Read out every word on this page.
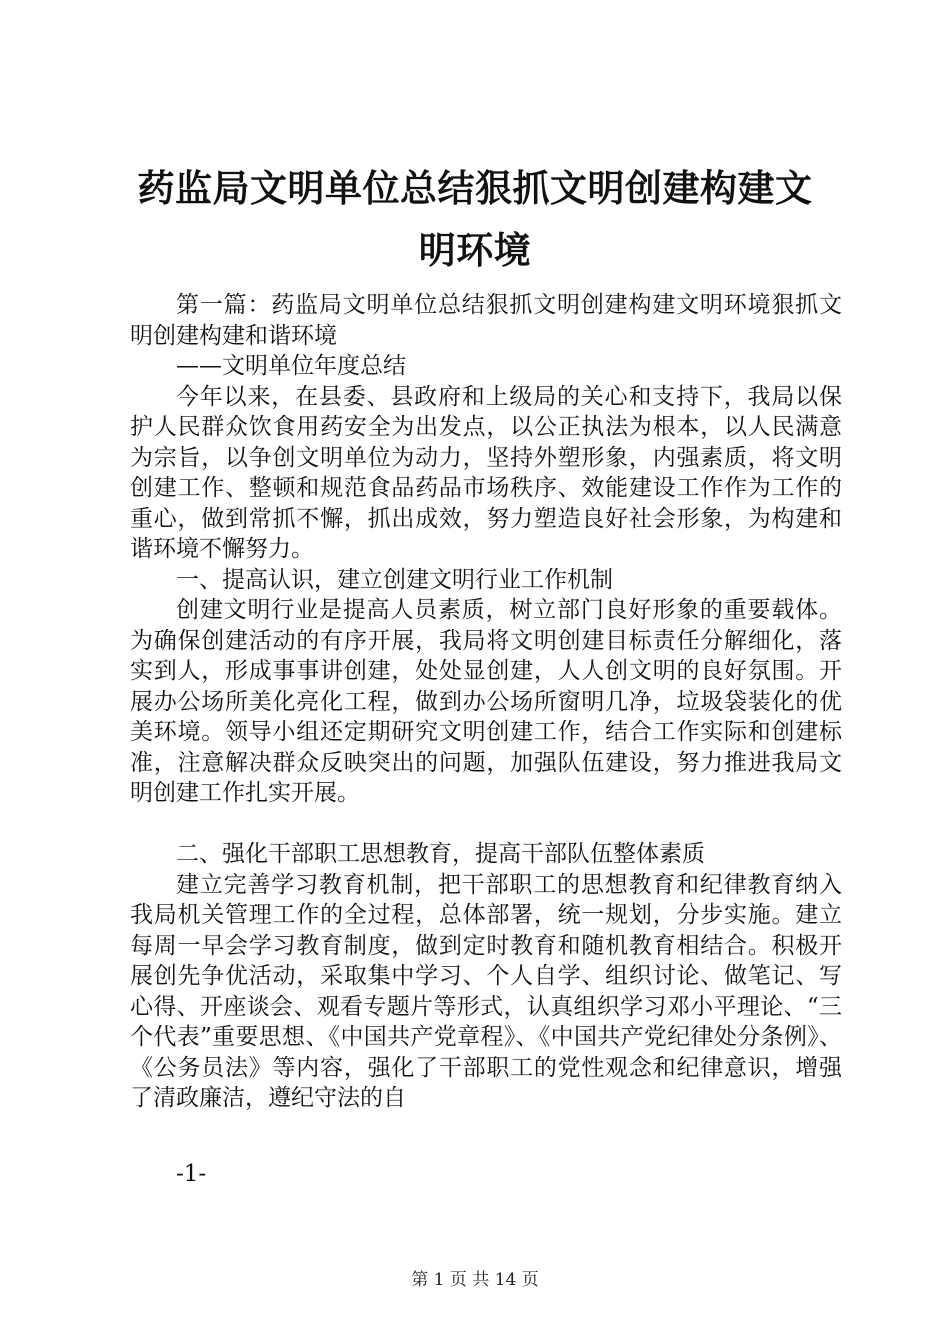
药监局文明单位总结狠抓文明创建构建文明环境

第一篇：药监局文明单位总结狠抓文明创建构建文明环境狠抓文明创建构建和谐环境

——文明单位年度总结

今年以来，在县委、县政府和上级局的关心和支持下，我局以保护人民群众饮食用药安全为出发点，以公正执法为根本，以人民满意为宗旨，以争创文明单位为动力，坚持外塑形象，内强素质，将文明创建工作、整顿和规范食品药品市场秩序、效能建设工作作为工作的重心，做到常抓不懈，抓出成效，努力塑造良好社会形象，为构建和谐环境不懈努力。

一、提高认识，建立创建文明行业工作机制

创建文明行业是提高人员素质，树立部门良好形象的重要载体。为确保创建活动的有序开展，我局将文明创建目标责任分解细化，落实到人，形成事事讲创建，处处显创建，人人创文明的良好氛围。开展办公场所美化亮化工程，做到办公场所窗明几净，垃圾袋装化的优美环境。领导小组还定期研究文明创建工作，结合工作实际和创建标准，注意解决群众反映突出的问题，加强队伍建设，努力推进我局文明创建工作扎实开展。

二、强化干部职工思想教育，提高干部队伍整体素质

建立完善学习教育机制，把干部职工的思想教育和纪律教育纳入我局机关管理工作的全过程，总体部署，统一规划，分步实施。建立每周一早会学习教育制度，做到定时教育和随机教育相结合。积极开展创先争优活动，采取集中学习、个人自学、组织讨论、做笔记、写心得、开座谈会、观看专题片等形式，认真组织学习邓小平理论、“三个代表”重要思想、《中国共产党章程》、《中国共产党纪律处分条例》、《公务员法》等内容，强化了干部职工的党性观念和纪律意识，增强了清政廉洁，遵纪守法的自

-1-
第 1 页 共 14 页
